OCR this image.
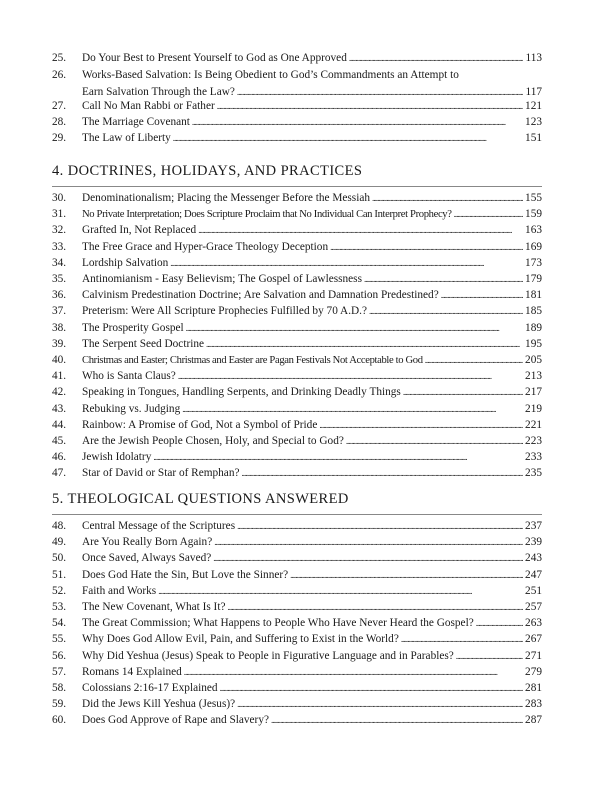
25.	Do Your Best to Present Yourself to God as One Approved . . .	113
26.	Works-Based Salvation: Is Being Obedient to God’s Commandments an Attempt to
Earn Salvation Through the Law? . . .	117
27.	Call No Man Rabbi or Father . . .	121
28.	The Marriage Covenant . . .	123
29.	The Law of Liberty . . .	151
4. DOCTRINES, HOLIDAYS, AND PRACTICES
30.	Denominationalism; Placing the Messenger Before the Messiah . . .	155
31.	No Private Interpretation; Does Scripture Proclaim that No Individual Can Interpret Prophecy? . . .	159
32.	Grafted In, Not Replaced . . .	163
33.	The Free Grace and Hyper-Grace Theology Deception . . .	169
34.	Lordship Salvation . . .	173
35.	Antinomianism - Easy Believism; The Gospel of Lawlessness . . .	179
36.	Calvinism Predestination Doctrine; Are Salvation and Damnation Predestined? . . .	181
37.	Preterism: Were All Scripture Prophecies Fulfilled by 70 A.D.? . . .	185
38.	The Prosperity Gospel . . .	189
39.	The Serpent Seed Doctrine . . .	195
40.	Christmas and Easter; Christmas and Easter are Pagan Festivals Not Acceptable to God . . .	205
41.	Who is Santa Claus? . . .	213
42.	Speaking in Tongues, Handling Serpents, and Drinking Deadly Things . . .	217
43.	Rebuking vs. Judging . . .	219
44.	Rainbow: A Promise of God, Not a Symbol of Pride . . .	221
45.	Are the Jewish People Chosen, Holy, and Special to God? . . .	223
46.	Jewish Idolatry . . .	233
47.	Star of David or Star of Remphan? . . .	235
5. THEOLOGICAL QUESTIONS ANSWERED
48.	Central Message of the Scriptures . . .	237
49.	Are You Really Born Again? . . .	239
50.	Once Saved, Always Saved? . . .	243
51.	Does God Hate the Sin, But Love the Sinner? . . .	247
52.	Faith and Works . . .	251
53.	The New Covenant, What Is It? . . .	257
54.	The Great Commission; What Happens to People Who Have Never Heard the Gospel? . . .	263
55.	Why Does God Allow Evil, Pain, and Suffering to Exist in the World? . . .	267
56.	Why Did Yeshua (Jesus) Speak to People in Figurative Language and in Parables? . . .	271
57.	Romans 14 Explained . . .	279
58.	Colossians 2:16-17 Explained . . .	281
59.	Did the Jews Kill Yeshua (Jesus)? . . .	283
60.	Does God Approve of Rape and Slavery? . . .	287
